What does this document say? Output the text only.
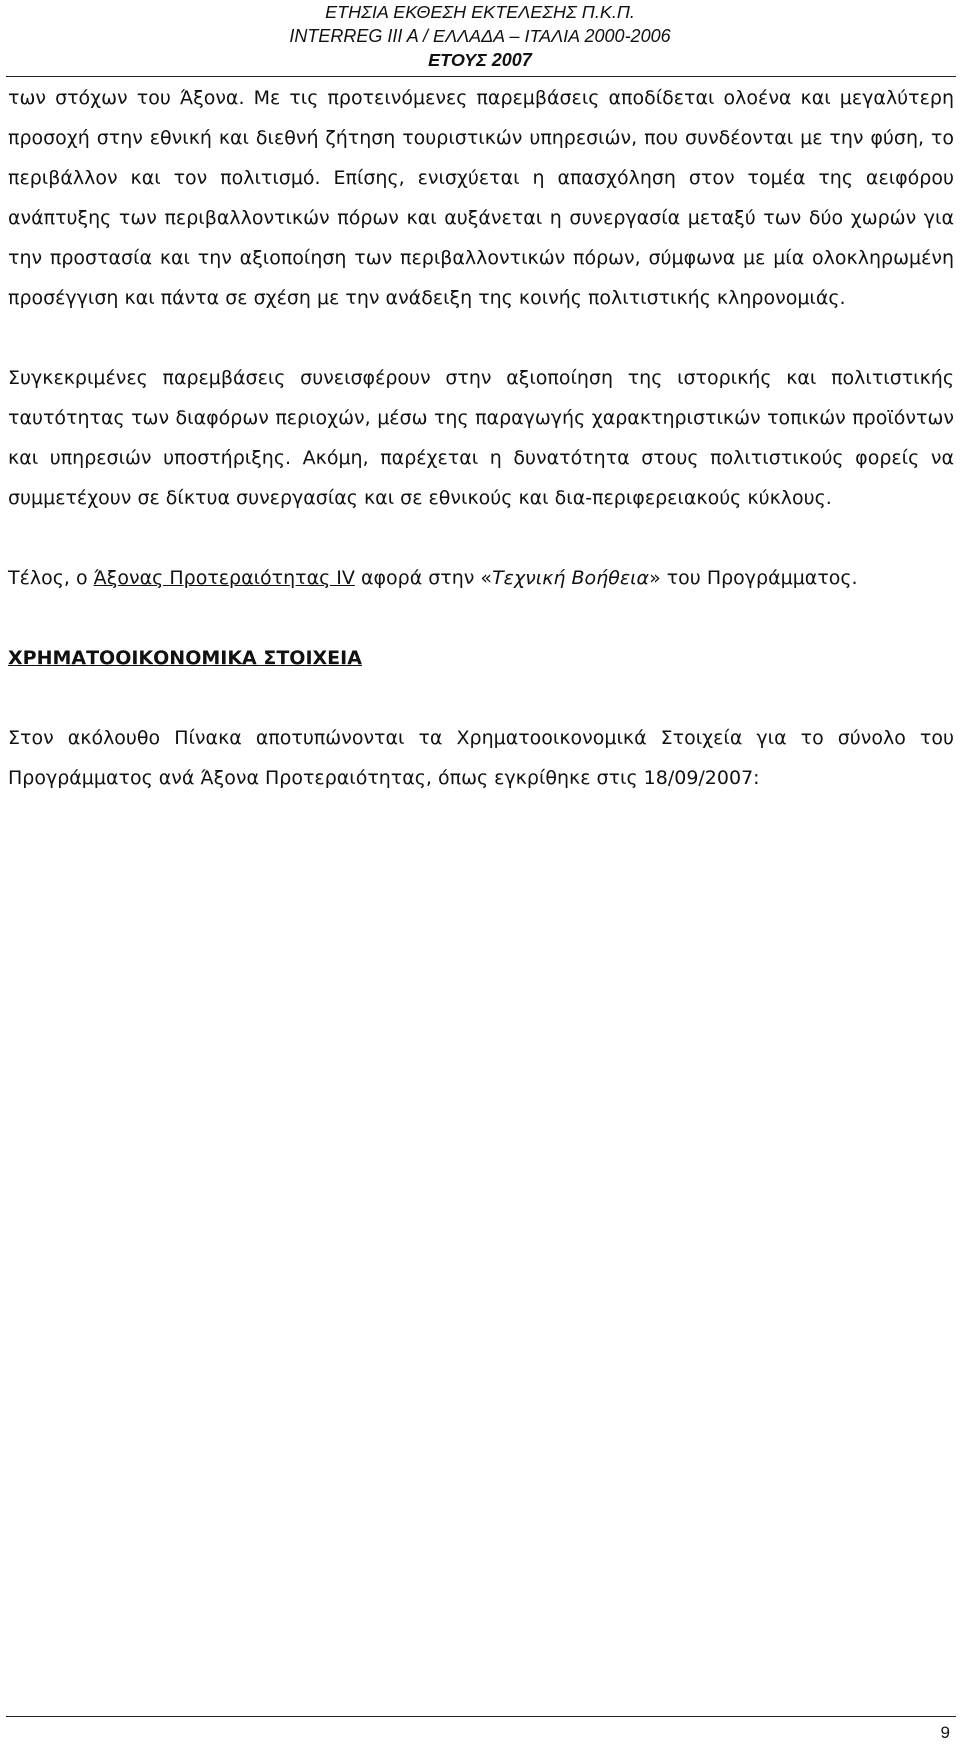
ΕΤΗΣΙΑ ΕΚΘΕΣΗ ΕΚΤΕΛΕΣΗΣ Π.Κ.Π.
INTERREG III A / ΕΛΛΑΔΑ – ΙΤΑΛΙΑ 2000-2006
ΕΤΟΥΣ 2007

των στόχων του Άξονα. Με τις προτεινόμενες παρεμβάσεις αποδίδεται ολοένα και μεγαλύτερη προσοχή στην εθνική και διεθνή ζήτηση τουριστικών υπηρεσιών, που συνδέονται με την φύση, το περιβάλλον και τον πολιτισμό. Επίσης, ενισχύεται η απασχόληση στον τομέα της αειφόρου ανάπτυξης των περιβαλλοντικών πόρων και αυξάνεται η συνεργασία μεταξύ των δύο χωρών για την προστασία και την αξιοποίηση των περιβαλλοντικών πόρων, σύμφωνα με μία ολοκληρωμένη προσέγγιση και πάντα σε σχέση με την ανάδειξη της κοινής πολιτιστικής κληρονομιάς.

Συγκεκριμένες παρεμβάσεις συνεισφέρουν στην αξιοποίηση της ιστορικής και πολιτιστικής ταυτότητας των διαφόρων περιοχών, μέσω της παραγωγής χαρακτηριστικών τοπικών προϊόντων και υπηρεσιών υποστήριξης. Ακόμη, παρέχεται η δυνατότητα στους πολιτιστικούς φορείς να συμμετέχουν σε δίκτυα συνεργασίας και σε εθνικούς και δια-περιφερειακούς κύκλους.

Τέλος, ο Άξονας Προτεραιότητας IV αφορά στην «Τεχνική Βοήθεια» του Προγράμματος.

ΧΡΗΜΑΤΟΟΙΚΟΝΟΜΙΚΑ ΣΤΟΙΧΕΙΑ

Στον ακόλουθο Πίνακα αποτυπώνονται τα Χρηματοοικονομικά Στοιχεία για το σύνολο του Προγράμματος ανά Άξονα Προτεραιότητας, όπως εγκρίθηκε στις 18/09/2007:

9
